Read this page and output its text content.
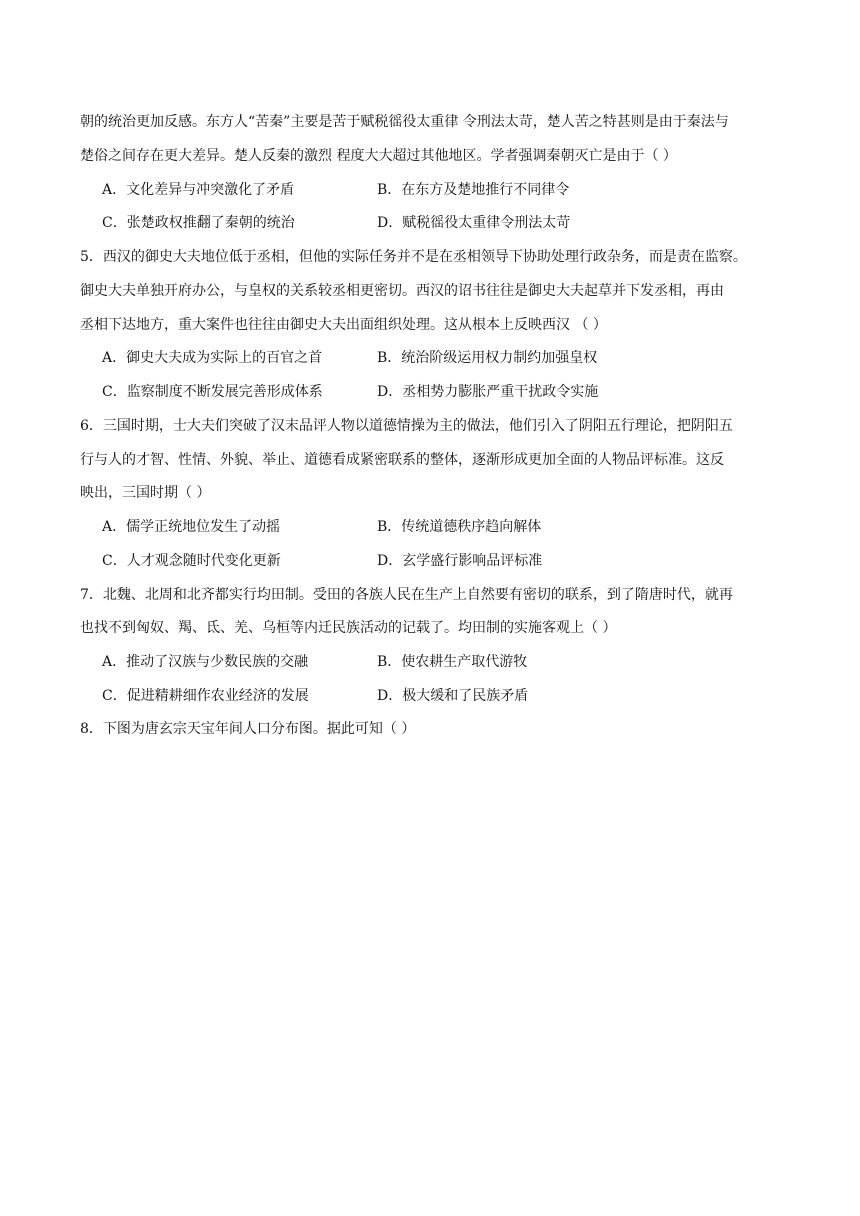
朝的统治更加反感。东方人“苦秦”主要是苦于赋税徭役太重律 令刑法太苛，楚人苦之特甚则是由于秦法与
楚俗之间存在更大差异。楚人反秦的激烈 程度大大超过其他地区。学者强调秦朝灭亡是由于（ ）
A．文化差异与冲突激化了矛盾	B．在东方及楚地推行不同律令
C．张楚政权推翻了秦朝的统治	D．赋税徭役太重律令刑法太苛
5．西汉的御史大夫地位低于丞相，但他的实际任务并不是在丞相领导下协助处理行政杂务，而是责在监察。
御史大夫单独开府办公，与皇权的关系较丞相更密切。西汉的诏书往往是御史大夫起草并下发丞相，再由
丞相下达地方，重大案件也往往由御史大夫出面组织处理。这从根本上反映西汉 （ ）
A．御史大夫成为实际上的百官之首	B．统治阶级运用权力制约加强皇权
C．监察制度不断发展完善形成体系	D．丞相势力膨胀严重干扰政令实施
6．三国时期，士大夫们突破了汉末品评人物以道德情操为主的做法，他们引入了阴阳五行理论，把阴阳五
行与人的才智、性情、外貌、举止、道德看成紧密联系的整体，逐渐形成更加全面的人物品评标准。这反
映出，三国时期（ ）
A．儒学正统地位发生了动摇	B．传统道德秩序趋向解体
C．人才观念随时代变化更新	D．玄学盛行影响品评标准
7．北魏、北周和北齐都实行均田制。受田的各族人民在生产上自然要有密切的联系，到了隋唐时代，就再
也找不到匈奴、羯、氐、羌、乌桓等内迁民族活动的记载了。均田制的实施客观上（ ）
A．推动了汉族与少数民族的交融	B．使农耕生产取代游牧
C．促进精耕细作农业经济的发展	D．极大缓和了民族矛盾
8．下图为唐玄宗天宝年间人口分布图。据此可知（ ）
